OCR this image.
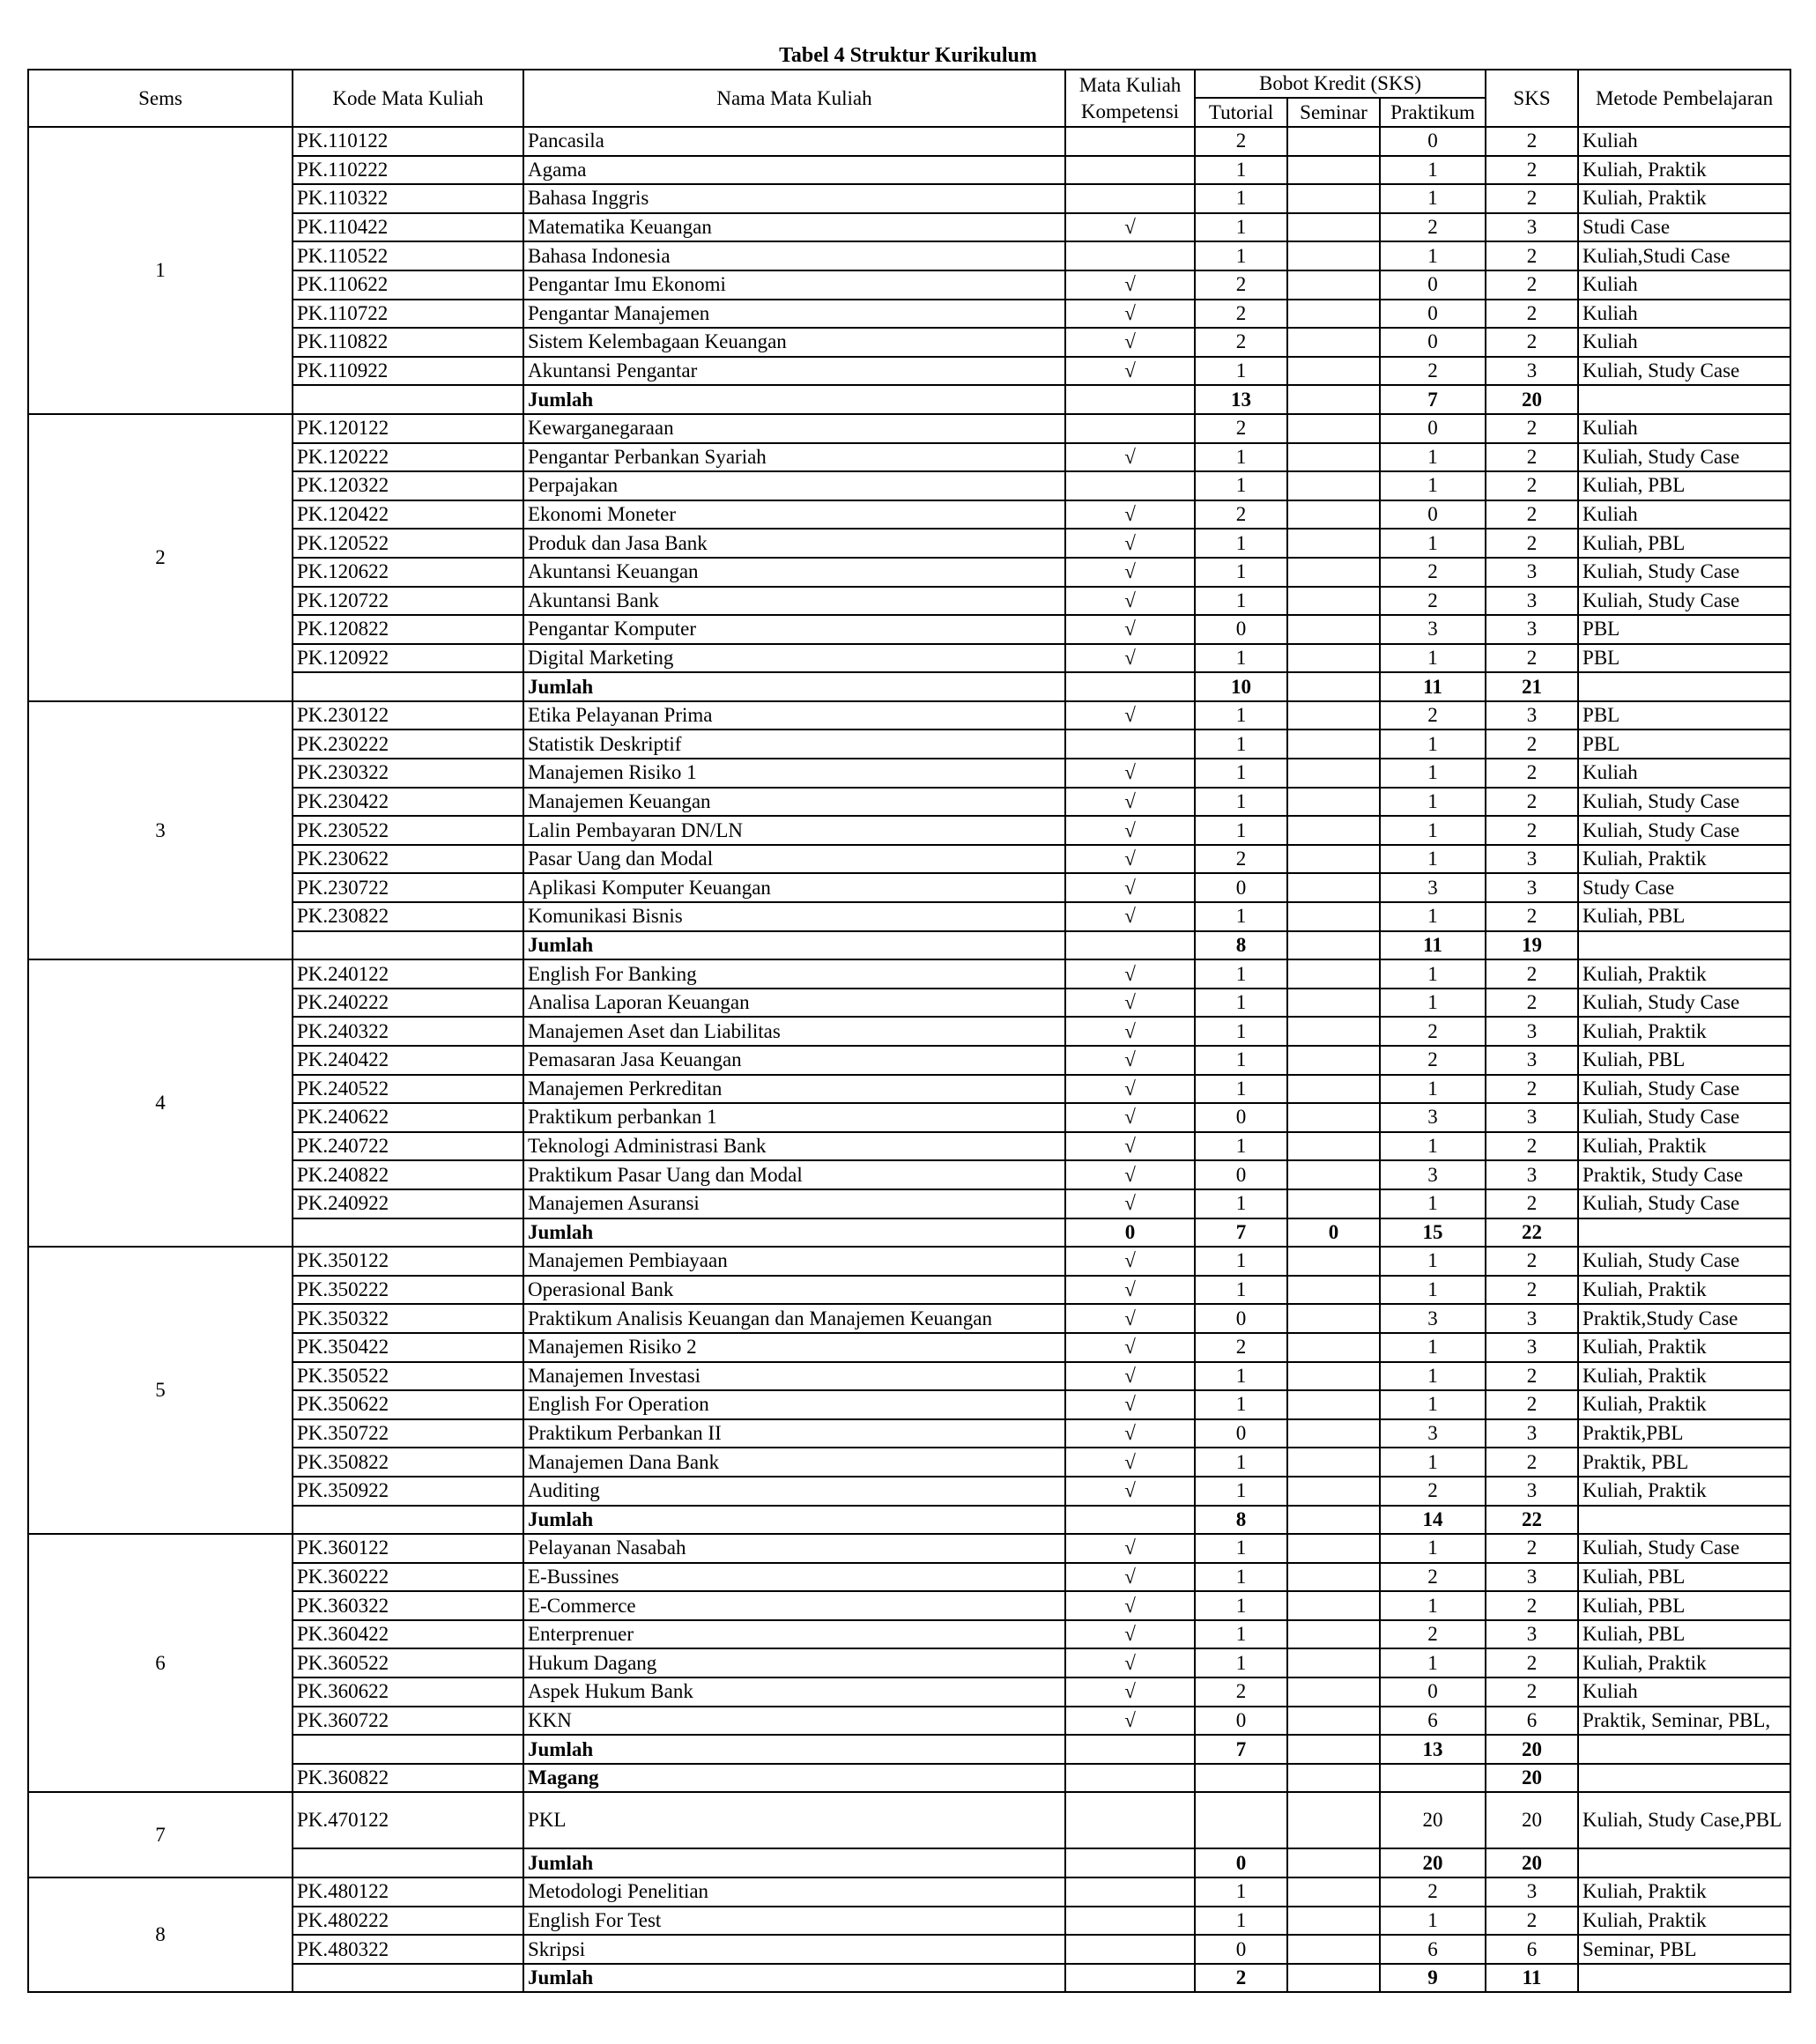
Tabel 4 Struktur Kurikulum
Sems	Kode Mata Kuliah	Nama Mata Kuliah	Mata Kuliah Kompetensi	Bobot Kredit (SKS)			SKS	Metode Pembelajaran
				Tutorial	Seminar	Praktikum		
1	PK.110122	Pancasila		2		0	2	Kuliah
	PK.110222	Agama		1		1	2	Kuliah, Praktik
	PK.110322	Bahasa Inggris		1		1	2	Kuliah, Praktik
	PK.110422	Matematika Keuangan	√	1		2	3	Studi Case
	PK.110522	Bahasa Indonesia		1		1	2	Kuliah,Studi Case
	PK.110622	Pengantar Imu Ekonomi	√	2		0	2	Kuliah
	PK.110722	Pengantar Manajemen	√	2		0	2	Kuliah
	PK.110822	Sistem Kelembagaan Keuangan	√	2		0	2	Kuliah
	PK.110922	Akuntansi Pengantar	√	1		2	3	Kuliah, Study Case
		Jumlah		13		7	20	
2	PK.120122	Kewarganegaraan		2		0	2	Kuliah
	PK.120222	Pengantar Perbankan Syariah	√	1		1	2	Kuliah, Study Case
	PK.120322	Perpajakan		1		1	2	Kuliah, PBL
	PK.120422	Ekonomi Moneter	√	2		0	2	Kuliah
	PK.120522	Produk dan Jasa Bank	√	1		1	2	Kuliah, PBL
	PK.120622	Akuntansi Keuangan	√	1		2	3	Kuliah, Study Case
	PK.120722	Akuntansi Bank	√	1		2	3	Kuliah, Study Case
	PK.120822	Pengantar Komputer	√	0		3	3	PBL
	PK.120922	Digital Marketing	√	1		1	2	PBL
		Jumlah		10		11	21	
3	PK.230122	Etika Pelayanan Prima	√	1		2	3	PBL
	PK.230222	Statistik Deskriptif		1		1	2	PBL
	PK.230322	Manajemen Risiko 1	√	1		1	2	Kuliah
	PK.230422	Manajemen Keuangan	√	1		1	2	Kuliah, Study Case
	PK.230522	Lalin Pembayaran DN/LN	√	1		1	2	Kuliah, Study Case
	PK.230622	Pasar Uang dan Modal	√	2		1	3	Kuliah, Praktik
	PK.230722	Aplikasi Komputer Keuangan	√	0		3	3	Study Case
	PK.230822	Komunikasi Bisnis	√	1		1	2	Kuliah, PBL
		Jumlah		8		11	19	
4	PK.240122	English For Banking	√	1		1	2	Kuliah, Praktik
	PK.240222	Analisa Laporan Keuangan	√	1		1	2	Kuliah, Study Case
	PK.240322	Manajemen Aset dan Liabilitas	√	1		2	3	Kuliah, Praktik
	PK.240422	Pemasaran Jasa Keuangan	√	1		2	3	Kuliah, PBL
	PK.240522	Manajemen Perkreditan	√	1		1	2	Kuliah, Study Case
	PK.240622	Praktikum perbankan 1	√	0		3	3	Kuliah, Study Case
	PK.240722	Teknologi Administrasi Bank	√	1		1	2	Kuliah, Praktik
	PK.240822	Praktikum Pasar Uang dan Modal	√	0		3	3	Praktik, Study Case
	PK.240922	Manajemen Asuransi	√	1		1	2	Kuliah, Study Case
		Jumlah	0	7	0	15	22	
5	PK.350122	Manajemen Pembiayaan	√	1		1	2	Kuliah, Study Case
	PK.350222	Operasional Bank	√	1		1	2	Kuliah, Praktik
	PK.350322	Praktikum Analisis Keuangan dan Manajemen Keuangan	√	0		3	3	Praktik,Study Case
	PK.350422	Manajemen Risiko 2	√	2		1	3	Kuliah, Praktik
	PK.350522	Manajemen Investasi	√	1		1	2	Kuliah, Praktik
	PK.350622	English For Operation	√	1		1	2	Kuliah, Praktik
	PK.350722	Praktikum Perbankan II	√	0		3	3	Praktik,PBL
	PK.350822	Manajemen Dana Bank	√	1		1	2	Praktik, PBL
	PK.350922	Auditing	√	1		2	3	Kuliah, Praktik
		Jumlah		8		14	22	
6	PK.360122	Pelayanan Nasabah	√	1		1	2	Kuliah, Study Case
	PK.360222	E-Bussines	√	1		2	3	Kuliah, PBL
	PK.360322	E-Commerce	√	1		1	2	Kuliah, PBL
	PK.360422	Enterprenuer	√	1		2	3	Kuliah, PBL
	PK.360522	Hukum Dagang	√	1		1	2	Kuliah, Praktik
	PK.360622	Aspek Hukum Bank	√	2		0	2	Kuliah
	PK.360722	KKN	√	0		6	6	Praktik, Seminar, PBL,
		Jumlah		7		13	20	
	PK.360822	Magang					20	
7	PK.470122	PKL				20	20	Kuliah, Study Case,PBL
		Jumlah		0		20	20	
8	PK.480122	Metodologi Penelitian		1		2	3	Kuliah, Praktik
	PK.480222	English For Test		1		1	2	Kuliah, Praktik
	PK.480322	Skripsi		0		6	6	Seminar, PBL
		Jumlah		2		9	11	
